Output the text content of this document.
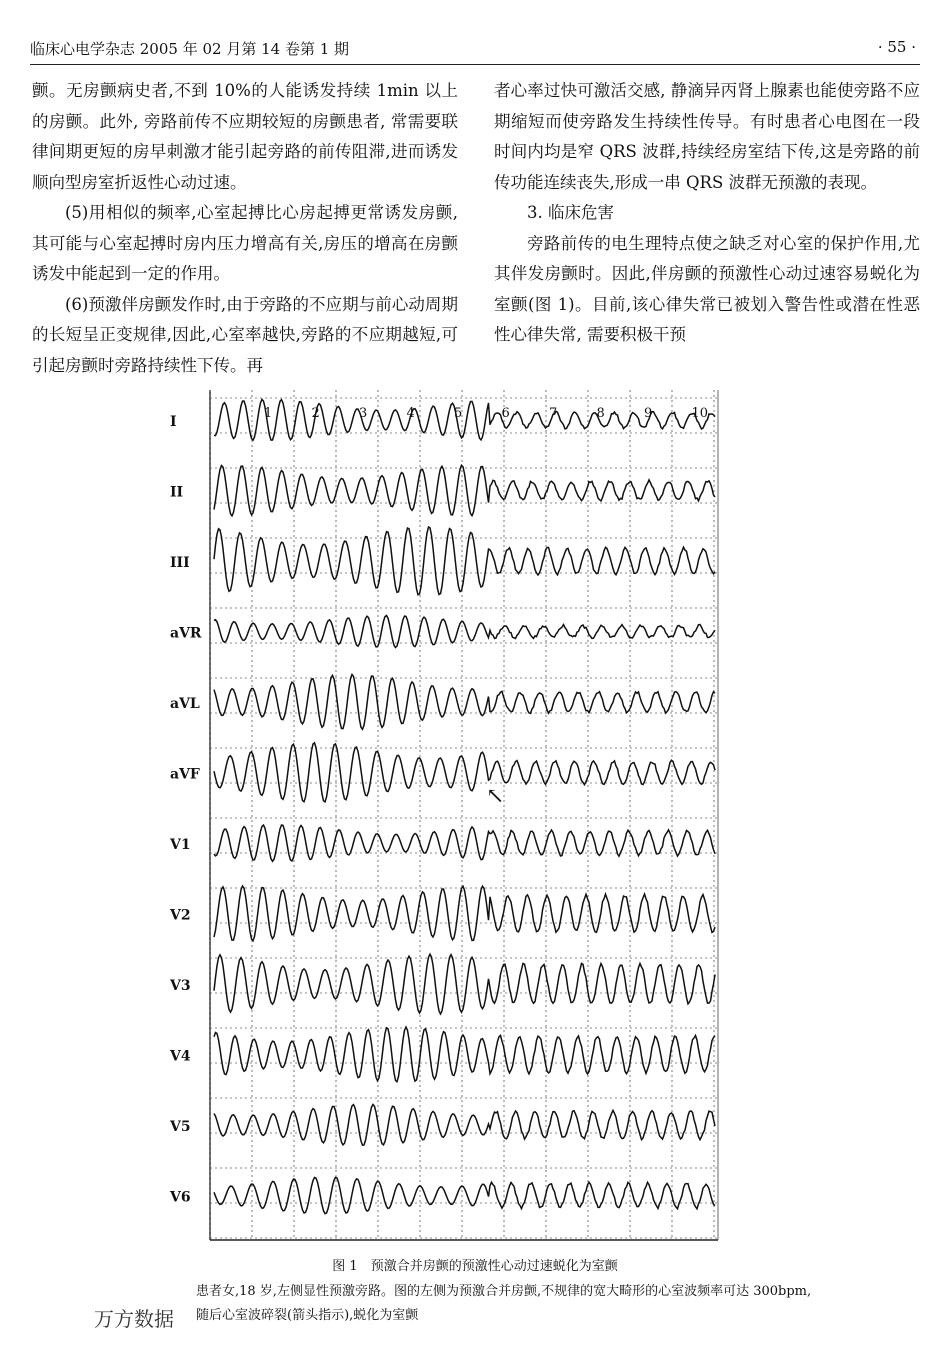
临床心电学杂志 2005 年 02 月第 14 卷第 1 期	· 55 ·

颤。无房颤病史者,不到 10%的人能诱发持续 1min 以上的房颤。此外, 旁路前传不应期较短的房颤患者, 常需要联律间期更短的房早刺激才能引起旁路的前传阻滞,进而诱发顺向型房室折返性心动过速。

(5)用相似的频率,心室起搏比心房起搏更常诱发房颤,其可能与心室起搏时房内压力增高有关,房压的增高在房颤诱发中能起到一定的作用。

(6)预激伴房颤发作时,由于旁路的不应期与前心动周期的长短呈正变规律,因此,心室率越快,旁路的不应期越短,可引起房颤时旁路持续性下传。再

者心率过快可激活交感, 静滴异丙肾上腺素也能使旁路不应期缩短而使旁路发生持续性传导。有时患者心电图在一段时间内均是窄 QRS 波群,持续经房室结下传,这是旁路的前传功能连续丧失,形成一串 QRS 波群无预激的表现。

3. 临床危害

旁路前传的电生理特点使之缺乏对心室的保护作用,尤其伴发房颤时。因此,伴房颤的预激性心动过速容易蜕化为室颤(图 1)。目前,该心律失常已被划入警告性或潜在性恶性心律失常, 需要积极干预

I
II
III
aVR
aVL
aVF
V1
V2
V3
V4
V5
V6
1	2	3	4	5	6	7	8	9	10
↖
图 1　预激合并房颤的预激性心动过速蜕化为室颤
患者女,18 岁,左侧显性预激旁路。图的左侧为预激合并房颤,不规律的宽大畸形的心室波频率可达 300bpm,随后心室波碎裂(箭头指示),蜕化为室颤
万方数据
